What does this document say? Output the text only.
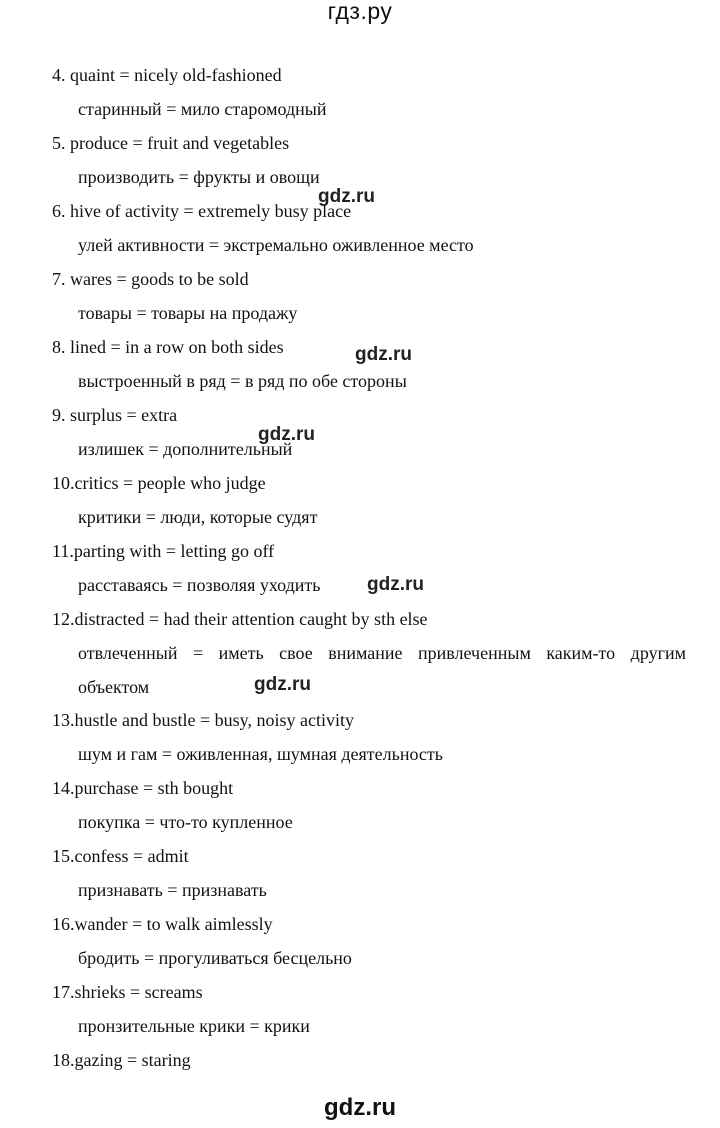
гдз.ру
4. quaint = nicely old-fashioned
старинный = мило старомодный
5. produce = fruit and vegetables
производить = фрукты и овощи
6. hive of activity = extremely busy place
улей активности = экстремально оживленное место
7. wares = goods to be sold
товары = товары на продажу
8. lined = in a row on both sides
выстроенный в ряд = в ряд по обе стороны
9. surplus = extra
излишек = дополнительный
10.critics = people who judge
критики = люди, которые судят
11.parting with = letting go off
расставаясь = позволяя уходить
12.distracted = had their attention caught by sth else
отвлеченный = иметь свое внимание привлеченным каким-то другим
объектом
13.hustle and bustle = busy, noisy activity
шум и гам = оживленная, шумная деятельность
14.purchase = sth bought
покупка = что-то купленное
15.confess = admit
признавать = признавать
16.wander = to walk aimlessly
бродить = прогуливаться бесцельно
17.shrieks = screams
пронзительные крики = крики
18.gazing = staring
gdz.ru
gdz.ru
gdz.ru
gdz.ru
gdz.ru
gdz.ru
